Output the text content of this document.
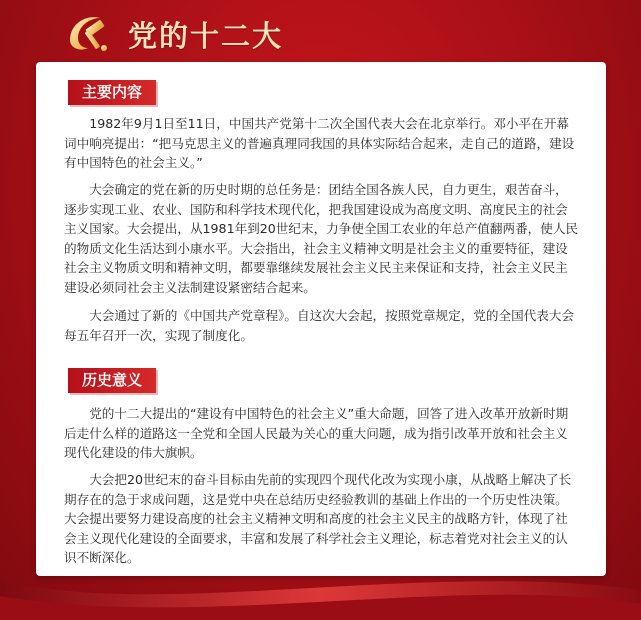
党的十二大
主要内容

1982年9月1日至11日，中国共产党第十二次全国代表大会在北京举行。邓小平在开幕词中响亮提出：“把马克思主义的普遍真理同我国的具体实际结合起来，走自己的道路，建设有中国特色的社会主义。”

大会确定的党在新的历史时期的总任务是：团结全国各族人民，自力更生，艰苦奋斗，逐步实现工业、农业、国防和科学技术现代化，把我国建设成为高度文明、高度民主的社会主义国家。大会提出，从1981年到20世纪末，力争使全国工农业的年总产值翻两番，使人民的物质文化生活达到小康水平。大会指出，社会主义精神文明是社会主义的重要特征，建设社会主义物质文明和精神文明，都要靠继续发展社会主义民主来保证和支持，社会主义民主建设必须同社会主义法制建设紧密结合起来。

大会通过了新的《中国共产党章程》。自这次大会起，按照党章规定，党的全国代表大会每五年召开一次，实现了制度化。

历史意义

党的十二大提出的“建设有中国特色的社会主义”重大命题，回答了进入改革开放新时期后走什么样的道路这一全党和全国人民最为关心的重大问题，成为指引改革开放和社会主义现代化建设的伟大旗帜。

大会把20世纪末的奋斗目标由先前的实现四个现代化改为实现小康，从战略上解决了长期存在的急于求成问题，这是党中央在总结历史经验教训的基础上作出的一个历史性决策。大会提出要努力建设高度的社会主义精神文明和高度的社会主义民主的战略方针，体现了社会主义现代化建设的全面要求，丰富和发展了科学社会主义理论，标志着党对社会主义的认识不断深化。
